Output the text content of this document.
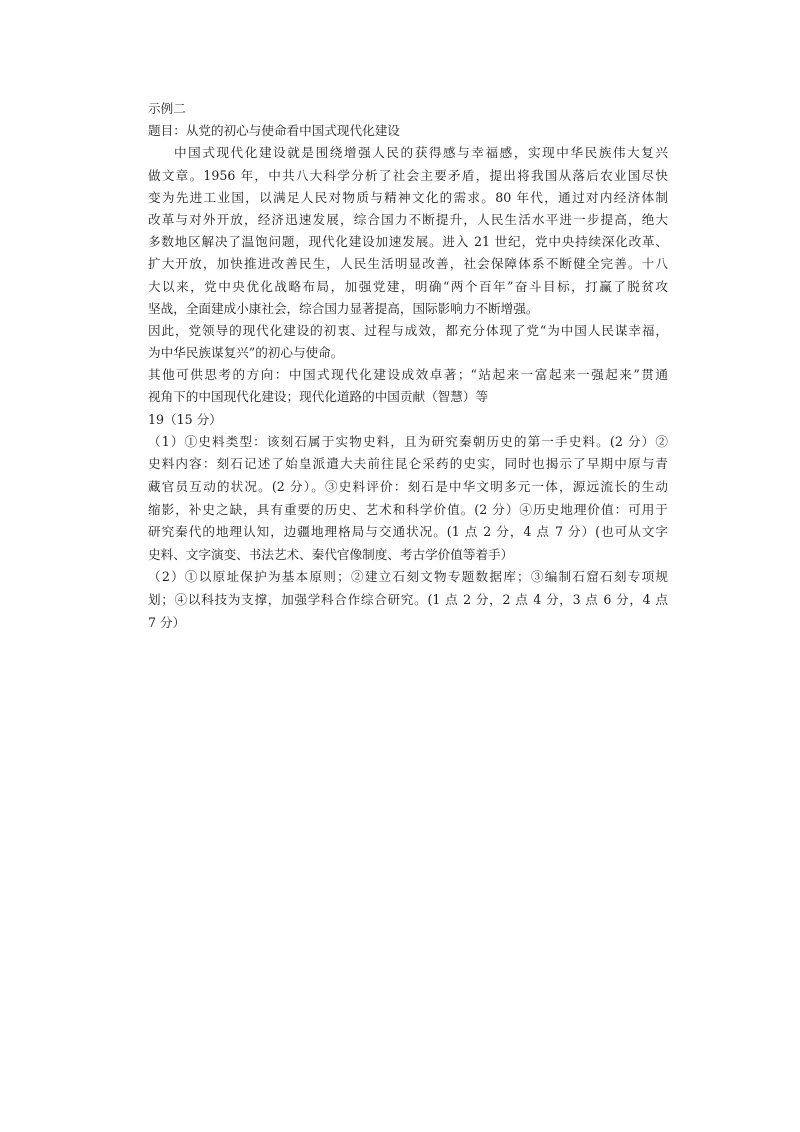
示例二
题目：从党的初心与使命看中国式现代化建设
中国式现代化建设就是围绕增强人民的获得感与幸福感，实现中华民族伟大复兴
做文章。1956 年，中共八大科学分析了社会主要矛盾，提出将我国从落后农业国尽快
变为先进工业国，以满足人民对物质与精神文化的需求。80 年代，通过对内经济体制
改革与对外开放，经济迅速发展，综合国力不断提升，人民生活水平进一步提高，绝大
多数地区解决了温饱问题，现代化建设加速发展。进入 21 世纪，党中央持续深化改革、
扩大开放，加快推进改善民生，人民生活明显改善，社会保障体系不断健全完善。十八
大以来，党中央优化战略布局，加强党建，明确“两个百年”奋斗目标，打赢了脱贫攻
坚战，全面建成小康社会，综合国力显著提高，国际影响力不断增强。
因此，党领导的现代化建设的初衷、过程与成效，都充分体现了党“为中国人民谋幸福，
为中华民族谋复兴”的初心与使命。
其他可供思考的方向：中国式现代化建设成效卓著；“站起来一富起来一强起来”贯通
视角下的中国现代化建设；现代化道路的中国贡献（智慧）等
19（15 分）
（1）①史料类型：该刻石属于实物史料，且为研究秦朝历史的第一手史料。(2 分）②
史料内容：刻石记述了始皇派遣大夫前往昆仑采药的史实，同时也揭示了早期中原与青
藏官员互动的状况。(2 分）。③史料评价：刻石是中华文明多元一体，源远流长的生动
缩影，补史之缺，具有重要的历史、艺术和科学价值。(2 分）④历史地理价值：可用于
研究秦代的地理认知，边疆地理格局与交通状况。(1 点 2 分，4 点 7 分）(也可从文字
史料、文字演变、书法艺术、秦代官像制度、考古学价值等着手）
（2）①以原址保护为基本原则；②建立石刻文物专题数据库；③编制石窟石刻专项规
划；④以科技为支撑，加强学科合作综合研究。(1 点 2 分，2 点 4 分，3 点 6 分，4 点
7 分）
